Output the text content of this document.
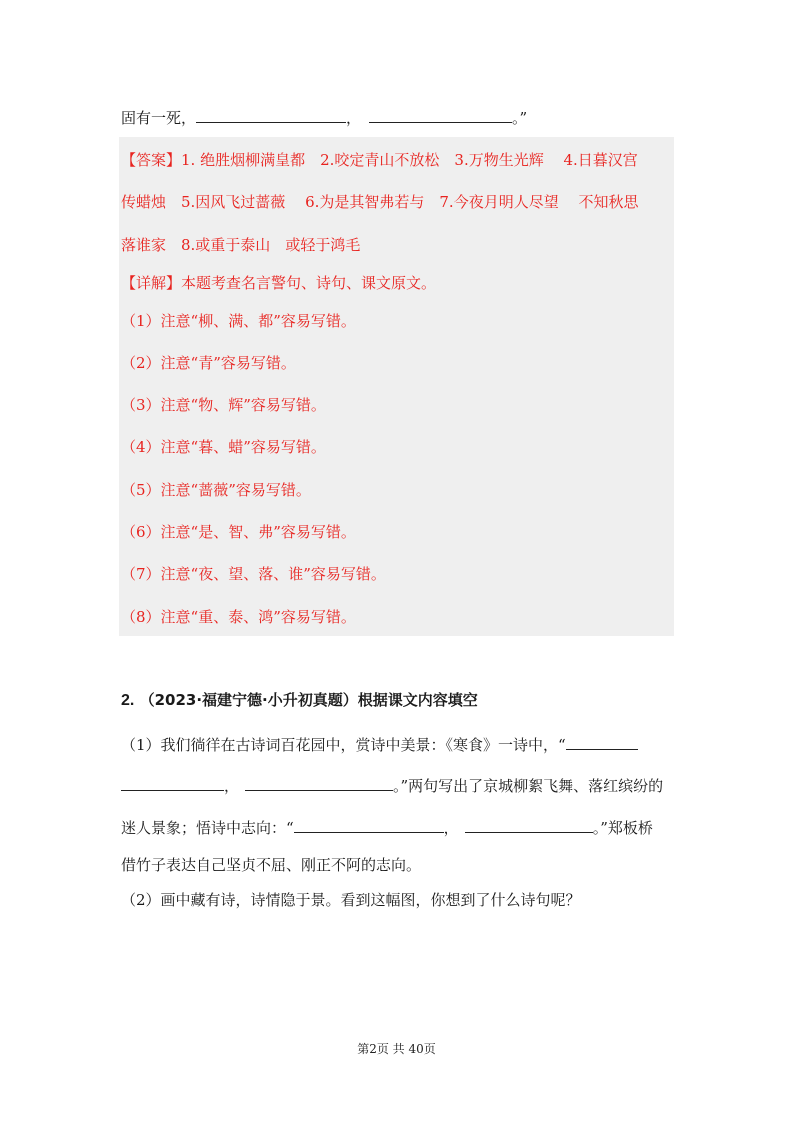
固有一死，	，	。”
【答案】1. 绝胜烟柳满皇都　2.咬定青山不放松　3.万物生光辉　 4.日暮汉宫
传蜡烛　5.因风飞过蔷薇　 6.为是其智弗若与　7.今夜月明人尽望　 不知秋思
落谁家　8.或重于泰山　或轻于鸿毛
【详解】本题考查名言警句、诗句、课文原文。
（1）注意“柳、满、都”容易写错。
（2）注意“青”容易写错。
（3）注意“物、辉”容易写错。
（4）注意“暮、蜡”容易写错。
（5）注意“蔷薇”容易写错。
（6）注意“是、智、弗”容易写错。
（7）注意“夜、望、落、谁”容易写错。
（8）注意“重、泰、鸿”容易写错。
2. （2023·福建宁德·小升初真题）根据课文内容填空
（1）我们徜徉在古诗词百花园中，赏诗中美景：《寒食》一诗中，“
，	。”两句写出了京城柳絮飞舞、落红缤纷的
迷人景象；悟诗中志向：“	，	。”郑板桥
借竹子表达自己坚贞不屈、刚正不阿的志向。
（2）画中藏有诗，诗情隐于景。看到这幅图，你想到了什么诗句呢？
第2页 共 40页
